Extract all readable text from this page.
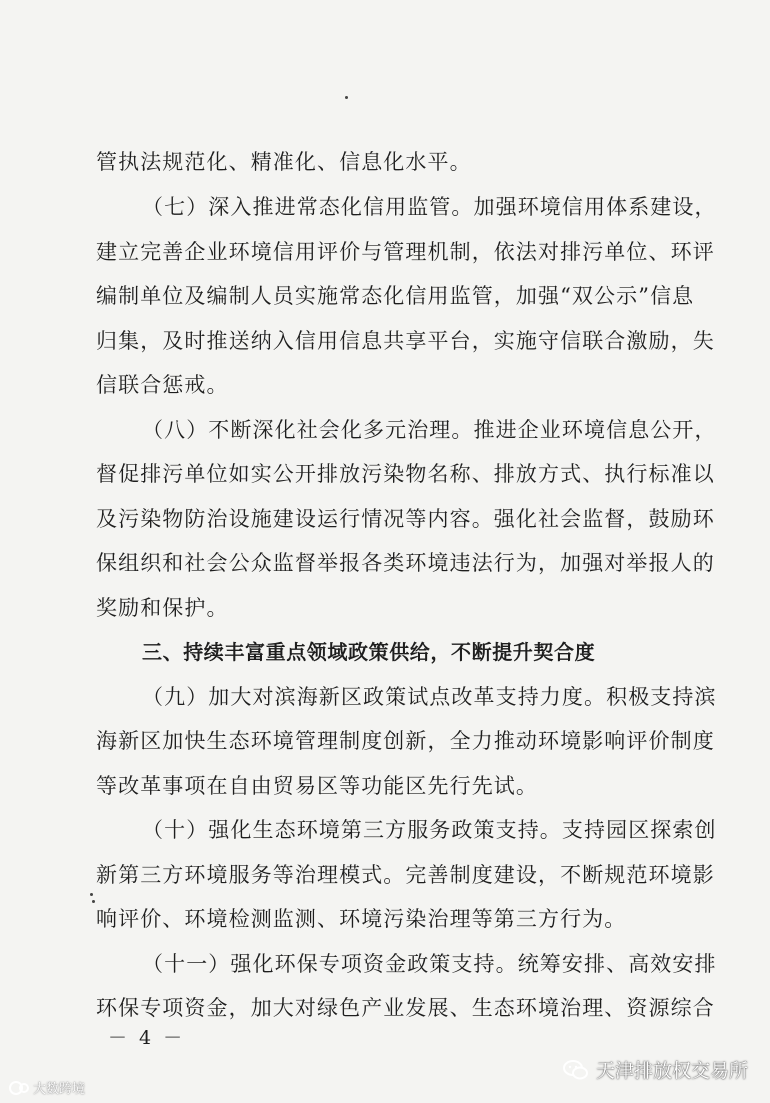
管执法规范化、精准化、信息化水平。
（七）深入推进常态化信用监管。加强环境信用体系建设，
建立完善企业环境信用评价与管理机制，依法对排污单位、环评
编制单位及编制人员实施常态化信用监管，加强“双公示”信息
归集，及时推送纳入信用信息共享平台，实施守信联合激励，失
信联合惩戒。
（八）不断深化社会化多元治理。推进企业环境信息公开，
督促排污单位如实公开排放污染物名称、排放方式、执行标准以
及污染物防治设施建设运行情况等内容。强化社会监督，鼓励环
保组织和社会公众监督举报各类环境违法行为，加强对举报人的
奖励和保护。
三、持续丰富重点领域政策供给，不断提升契合度
（九）加大对滨海新区政策试点改革支持力度。积极支持滨
海新区加快生态环境管理制度创新，全力推动环境影响评价制度
等改革事项在自由贸易区等功能区先行先试。
（十）强化生态环境第三方服务政策支持。支持园区探索创
新第三方环境服务等治理模式。完善制度建设，不断规范环境影
响评价、环境检测监测、环境污染治理等第三方行为。
（十一）强化环保专项资金政策支持。统筹安排、高效安排
环保专项资金，加大对绿色产业发展、生态环境治理、资源综合
－ 4 －
大数跨境
天津排放权交易所
